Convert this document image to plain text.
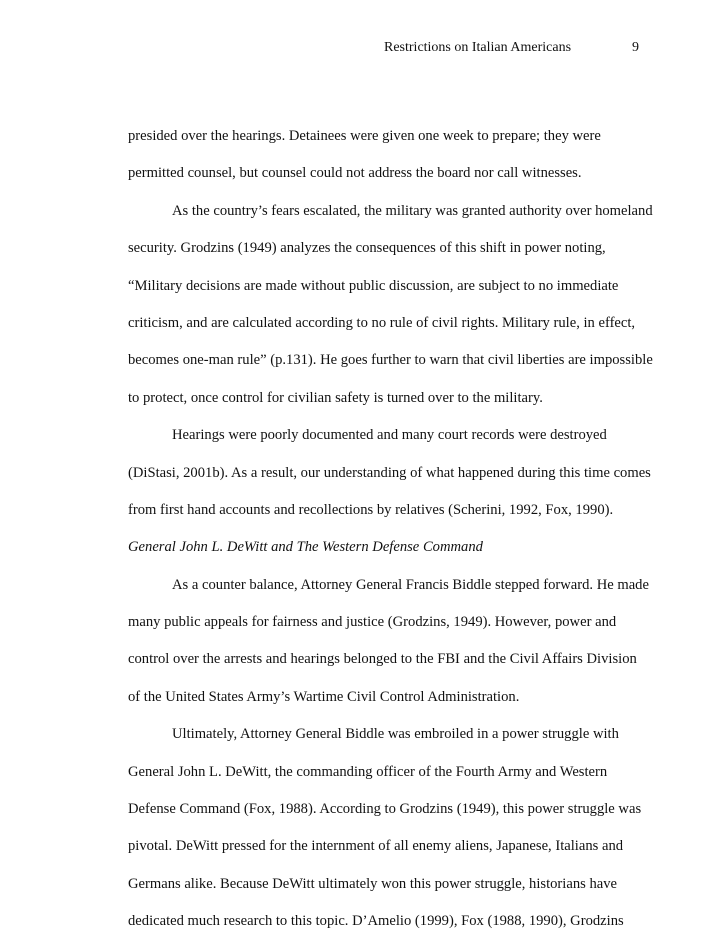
Restrictions on Italian Americans	9
presided over the hearings. Detainees were given one week to prepare; they were
permitted counsel, but counsel could not address the board nor call witnesses.
As the country’s fears escalated, the military was granted authority over homeland
security. Grodzins (1949) analyzes the consequences of this shift in power noting,
“Military decisions are made without public discussion, are subject to no immediate
criticism, and are calculated according to no rule of civil rights. Military rule, in effect,
becomes one-man rule” (p.131). He goes further to warn that civil liberties are impossible
to protect, once control for civilian safety is turned over to the military.
Hearings were poorly documented and many court records were destroyed
(DiStasi, 2001b). As a result, our understanding of what happened during this time comes
from first hand accounts and recollections by relatives (Scherini, 1992, Fox, 1990).
General John L. DeWitt and The Western Defense Command
As a counter balance, Attorney General Francis Biddle stepped forward. He made
many public appeals for fairness and justice (Grodzins, 1949). However, power and
control over the arrests and hearings belonged to the FBI and the Civil Affairs Division
of the United States Army’s Wartime Civil Control Administration.
Ultimately, Attorney General Biddle was embroiled in a power struggle with
General John L. DeWitt, the commanding officer of the Fourth Army and Western
Defense Command (Fox, 1988). According to Grodzins (1949), this power struggle was
pivotal. DeWitt pressed for the internment of all enemy aliens, Japanese, Italians and
Germans alike. Because DeWitt ultimately won this power struggle, historians have
dedicated much research to this topic. D’Amelio (1999), Fox (1988, 1990), Grodzins
